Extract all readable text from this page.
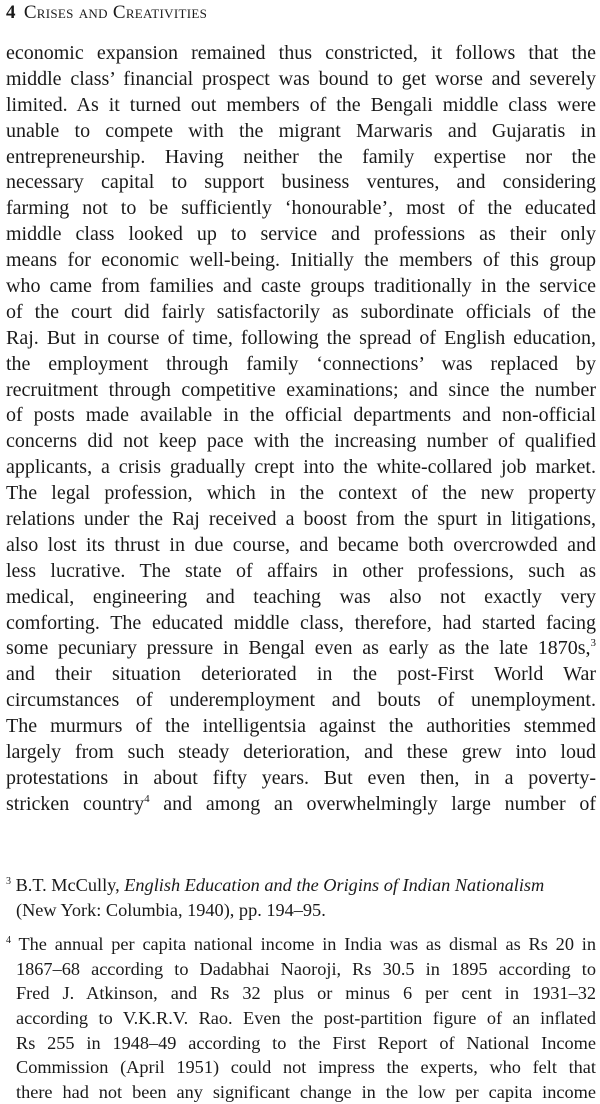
4 Crises and Creativities
economic expansion remained thus constricted, it follows that the
middle class’ financial prospect was bound to get worse and severely
limited. As it turned out members of the Bengali middle class were
unable to compete with the migrant Marwaris and Gujaratis in
entrepreneurship. Having neither the family expertise nor the
necessary capital to support business ventures, and considering
farming not to be sufficiently ‘honourable’, most of the educated
middle class looked up to service and professions as their only
means for economic well-being. Initially the members of this group
who came from families and caste groups traditionally in the service
of the court did fairly satisfactorily as subordinate officials of the
Raj. But in course of time, following the spread of English education,
the employment through family ‘connections’ was replaced by
recruitment through competitive examinations; and since the number
of posts made available in the official departments and non-official
concerns did not keep pace with the increasing number of qualified
applicants, a crisis gradually crept into the white-collared job market.
The legal profession, which in the context of the new property
relations under the Raj received a boost from the spurt in litigations,
also lost its thrust in due course, and became both overcrowded and
less lucrative. The state of affairs in other professions, such as
medical, engineering and teaching was also not exactly very
comforting. The educated middle class, therefore, had started facing
some pecuniary pressure in Bengal even as early as the late 1870s,$^3$
and their situation deteriorated in the post-First World War
circumstances of underemployment and bouts of unemployment.
The murmurs of the intelligentsia against the authorities stemmed
largely from such steady deterioration, and these grew into loud
protestations in about fifty years. But even then, in a poverty-
stricken country$^4$ and among an overwhelmingly large number of
$^3$ B.T. McCully, English Education and the Origins of Indian Nationalism
(New York: Columbia, 1940), pp. 194–95.
$^4$ The annual per capita national income in India was as dismal as Rs 20 in
1867–68 according to Dadabhai Naoroji, Rs 30.5 in 1895 according to
Fred J. Atkinson, and Rs 32 plus or minus 6 per cent in 1931–32
according to V.K.R.V. Rao. Even the post-partition figure of an inflated
Rs 255 in 1948–49 according to the First Report of National Income
Commission (April 1951) could not impress the experts, who felt that
there had not been any significant change in the low per capita income
